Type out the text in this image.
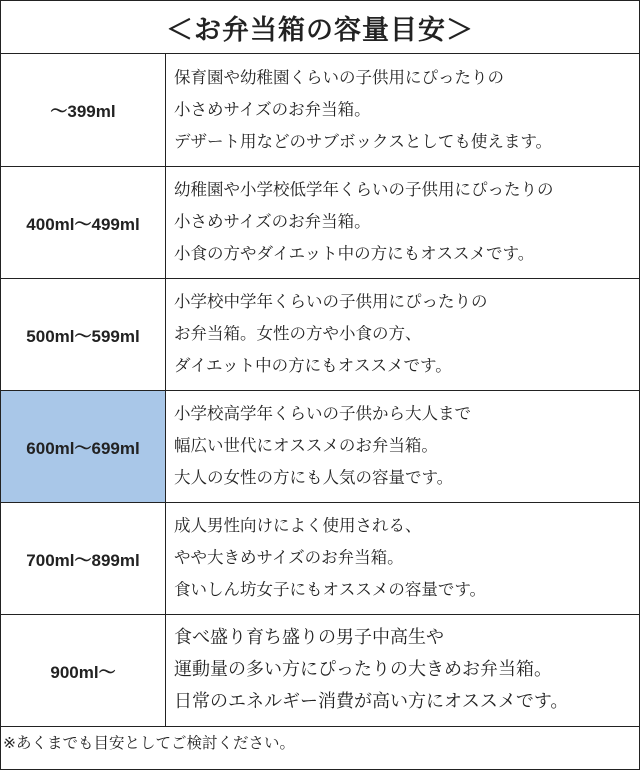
＜お弁当箱の容量目安＞
～399ml	保育園や幼稚園くらいの子供用にぴったりの
小さめサイズのお弁当箱。
デザート用などのサブボックスとしても使えます。

400ml～499ml	幼稚園や小学校低学年くらいの子供用にぴったりの
小さめサイズのお弁当箱。
小食の方やダイエット中の方にもオススメです。

500ml～599ml	小学校中学年くらいの子供用にぴったりの
お弁当箱。女性の方や小食の方、
ダイエット中の方にもオススメです。

600ml～699ml	小学校高学年くらいの子供から大人まで
幅広い世代にオススメのお弁当箱。
大人の女性の方にも人気の容量です。

700ml～899ml	成人男性向けによく使用される、
やや大きめサイズのお弁当箱。
食いしん坊女子にもオススメの容量です。

900ml～	食べ盛り育ち盛りの男子中高生や
運動量の多い方にぴったりの大きめお弁当箱。
日常のエネルギー消費が高い方にオススメです。
※あくまでも目安としてご検討ください。
